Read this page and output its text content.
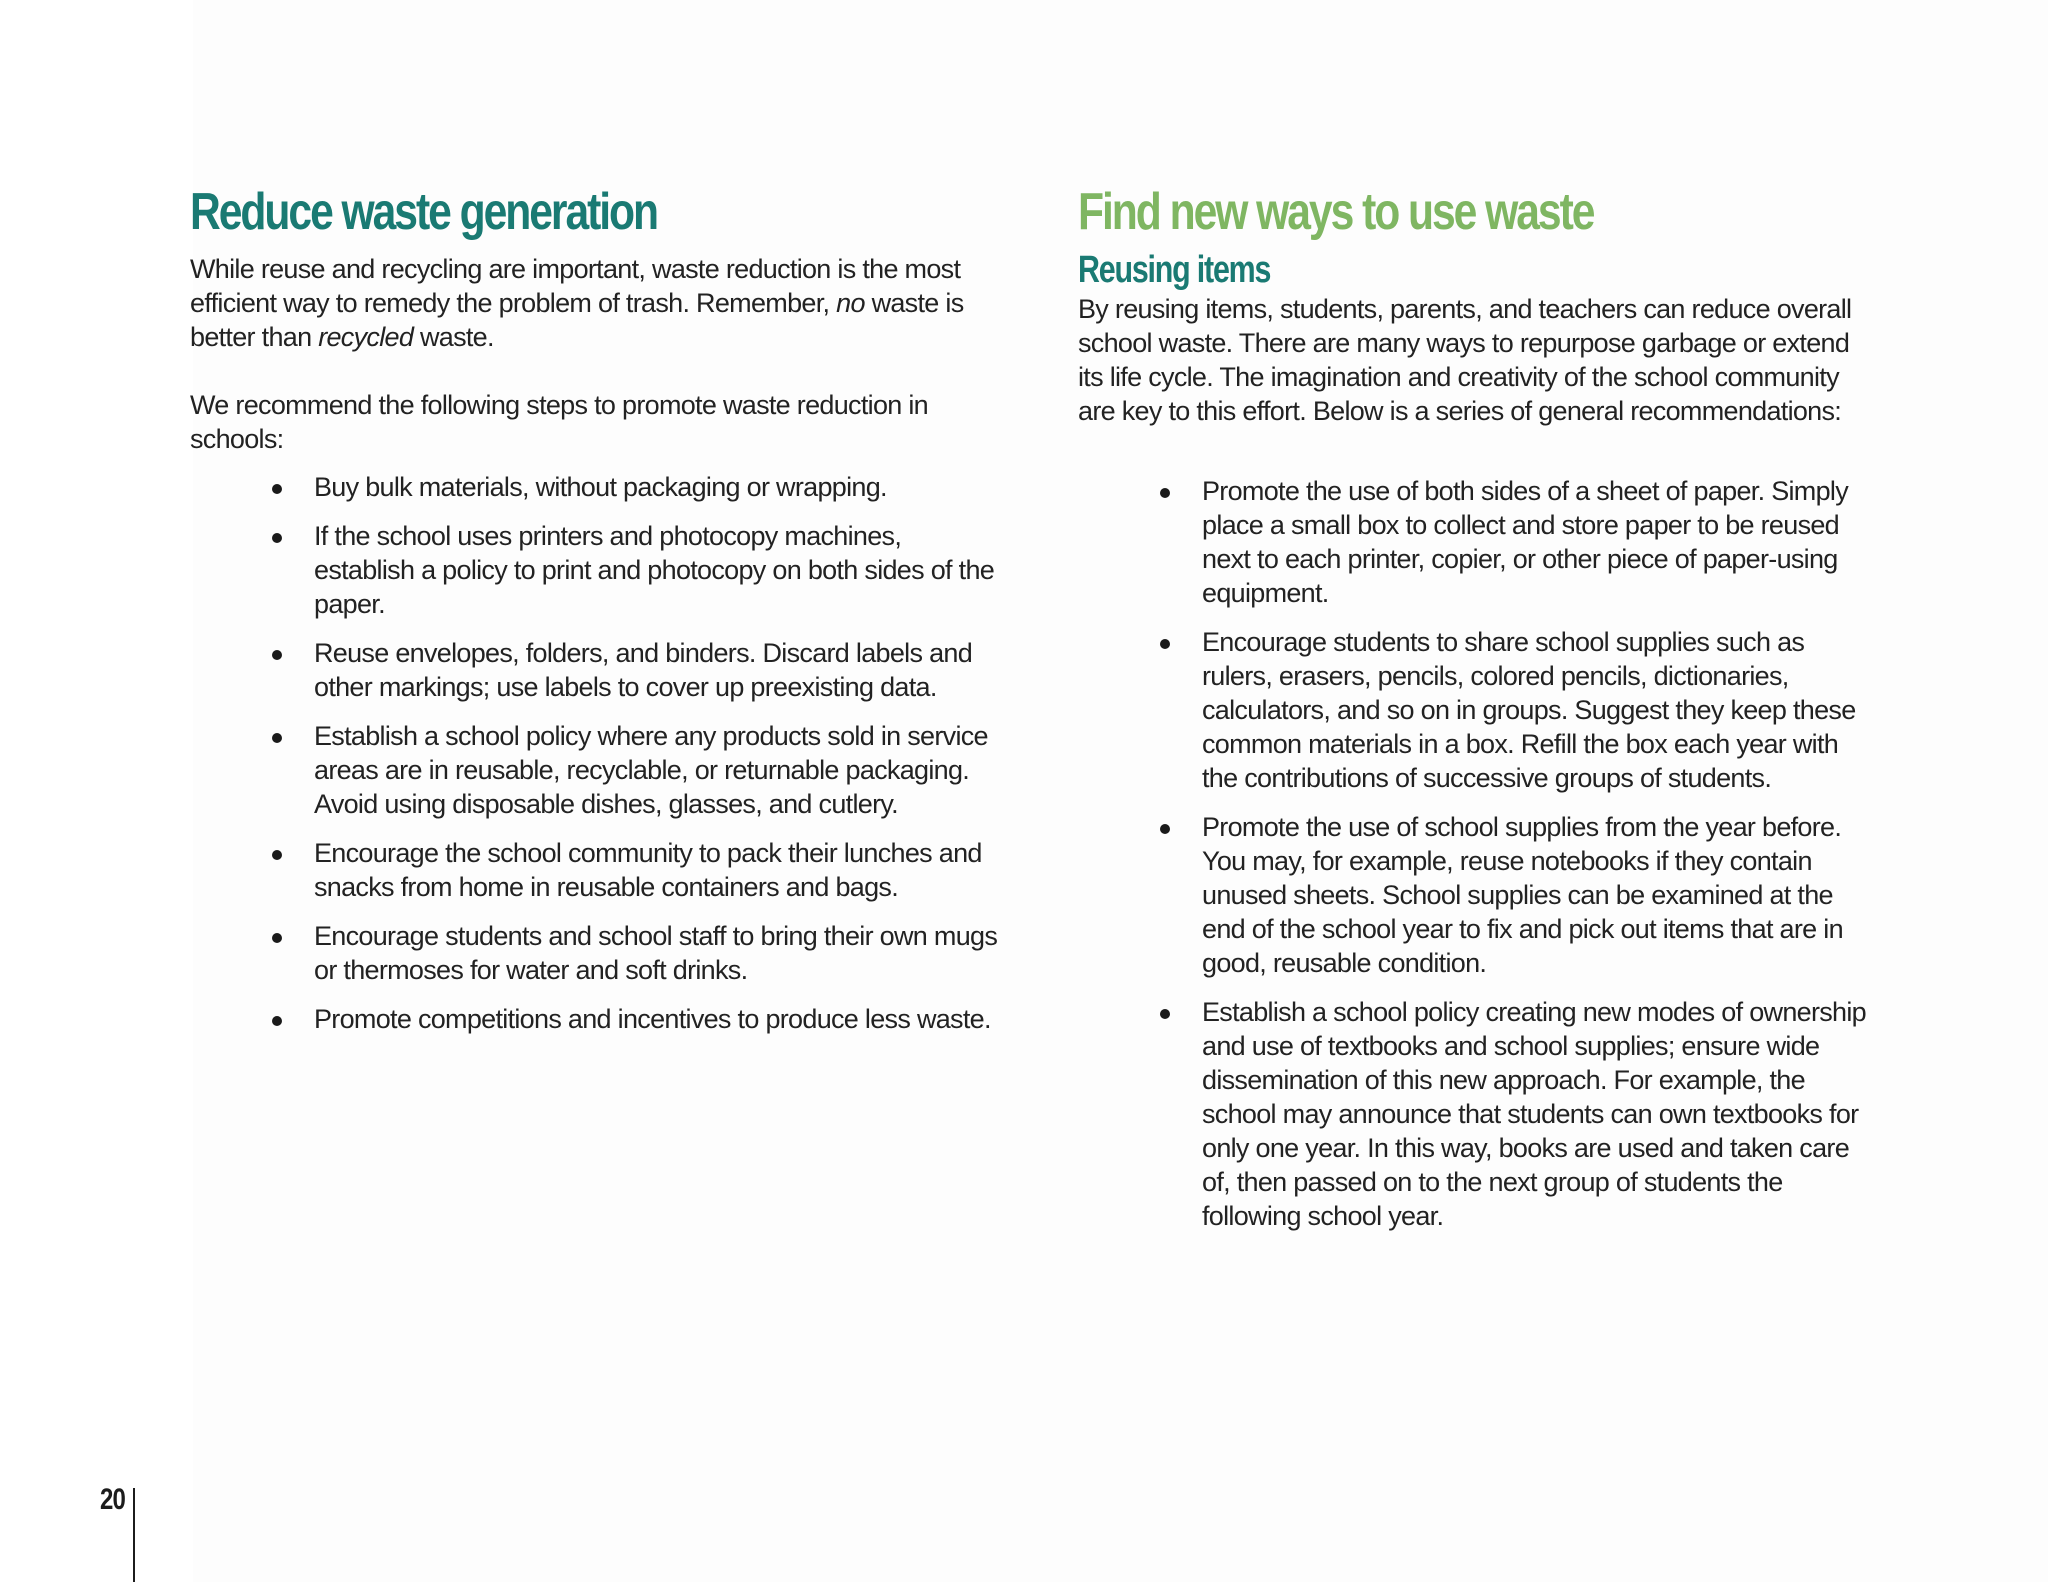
Reduce waste generation

While reuse and recycling are important, waste reduction is the most efficient way to remedy the problem of trash. Remember, no waste is better than recycled waste.

We recommend the following steps to promote waste reduction in schools:

Buy bulk materials, without packaging or wrapping.
If the school uses printers and photocopy machines, establish a policy to print and photocopy on both sides of the paper.
Reuse envelopes, folders, and binders. Discard labels and other markings; use labels to cover up preexisting data.
Establish a school policy where any products sold in service areas are in reusable, recyclable, or returnable packaging. Avoid using disposable dishes, glasses, and cutlery.
Encourage the school community to pack their lunches and snacks from home in reusable containers and bags.
Encourage students and school staff to bring their own mugs or thermoses for water and soft drinks.
Promote competitions and incentives to produce less waste.
Find new ways to use waste
Reusing items

By reusing items, students, parents, and teachers can reduce overall school waste. There are many ways to repurpose garbage or extend its life cycle. The imagination and creativity of the school community are key to this effort. Below is a series of general recommendations:

Promote the use of both sides of a sheet of paper. Simply place a small box to collect and store paper to be reused next to each printer, copier, or other piece of paper-using equipment.
Encourage students to share school supplies such as rulers, erasers, pencils, colored pencils, dictionaries, calculators, and so on in groups. Suggest they keep these common materials in a box. Refill the box each year with the contributions of successive groups of students.
Promote the use of school supplies from the year before. You may, for example, reuse notebooks if they contain unused sheets. School supplies can be examined at the end of the school year to fix and pick out items that are in good, reusable condition.
Establish a school policy creating new modes of ownership and use of textbooks and school supplies; ensure wide dissemination of this new approach. For example, the school may announce that students can own textbooks for only one year. In this way, books are used and taken care of, then passed on to the next group of students the following school year.
20
